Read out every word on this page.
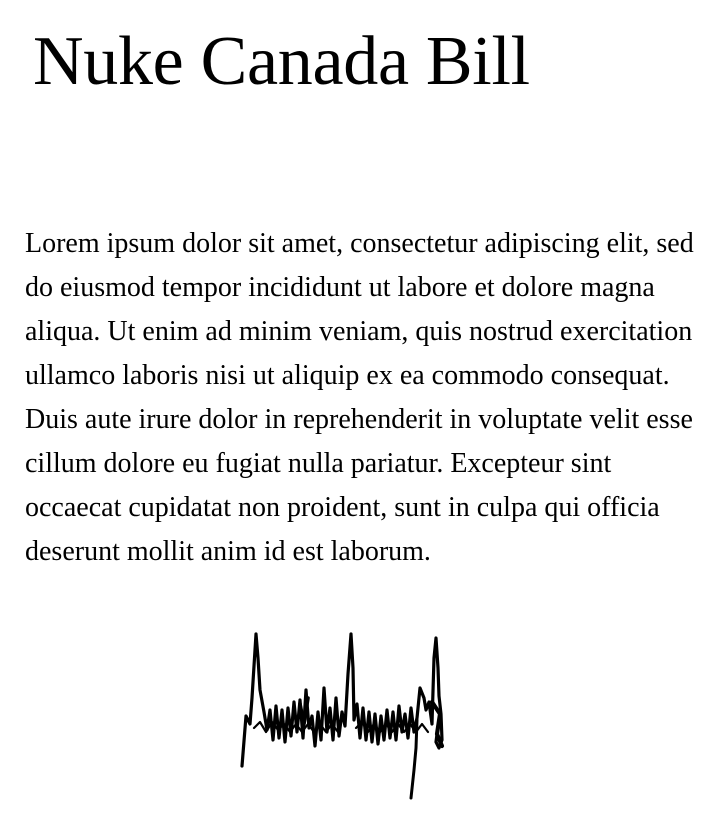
Nuke Canada Bill

Lorem ipsum dolor sit amet, consectetur adipiscing elit, sed do eiusmod tempor incididunt ut labore et dolore magna aliqua. Ut enim ad minim veniam, quis nostrud exercitation ullamco laboris nisi ut aliquip ex ea commodo consequat. Duis aute irure dolor in reprehenderit in voluptate velit esse cillum dolore eu fugiat nulla pariatur. Excepteur sint occaecat cupidatat non proident, sunt in culpa qui officia deserunt mollit anim id est laborum.
